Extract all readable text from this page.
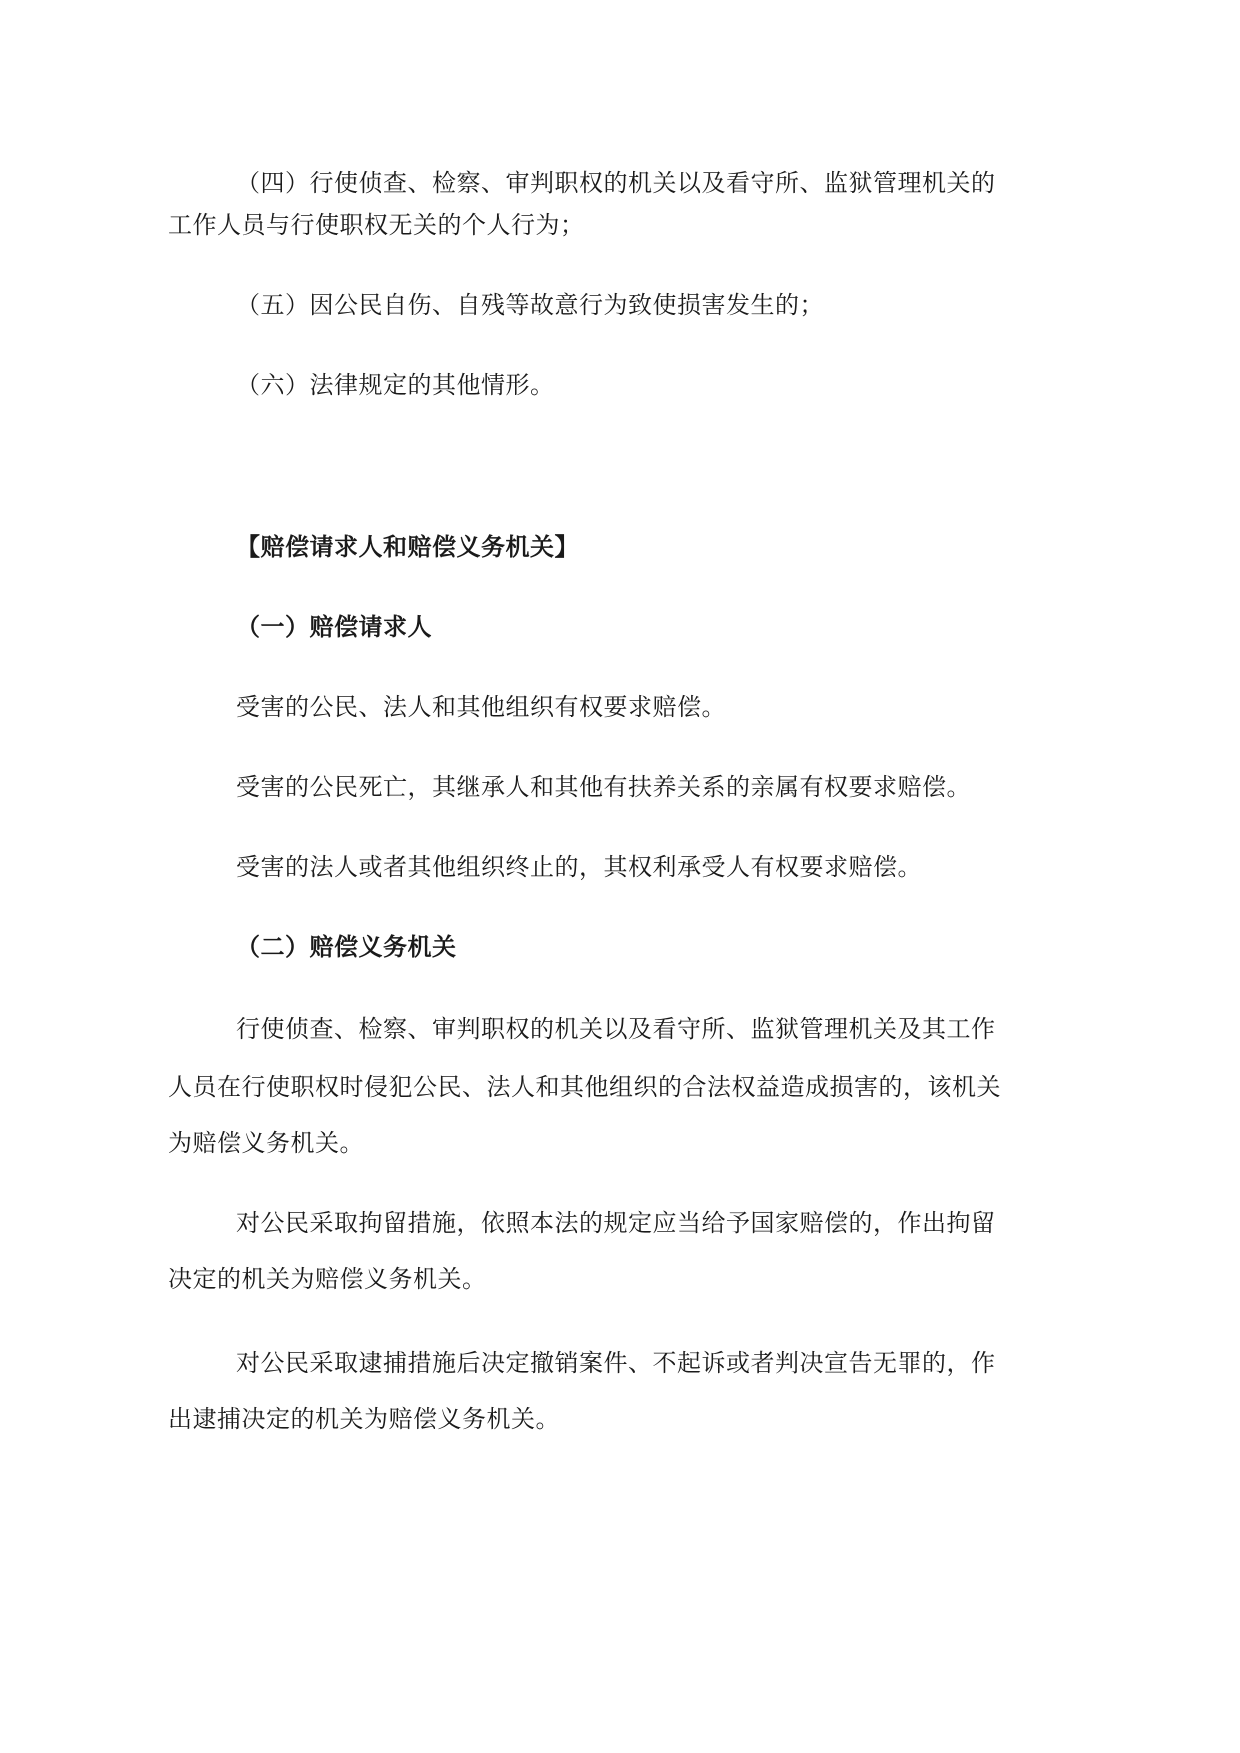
（四）行使侦查、检察、审判职权的机关以及看守所、监狱管理机关的
工作人员与行使职权无关的个人行为；
（五）因公民自伤、自残等故意行为致使损害发生的；
（六）法律规定的其他情形。
【赔偿请求人和赔偿义务机关】
（一）赔偿请求人
受害的公民、法人和其他组织有权要求赔偿。
受害的公民死亡，其继承人和其他有扶养关系的亲属有权要求赔偿。
受害的法人或者其他组织终止的，其权利承受人有权要求赔偿。
（二）赔偿义务机关
行使侦查、检察、审判职权的机关以及看守所、监狱管理机关及其工作
人员在行使职权时侵犯公民、法人和其他组织的合法权益造成损害的，该机关
为赔偿义务机关。
对公民采取拘留措施，依照本法的规定应当给予国家赔偿的，作出拘留
决定的机关为赔偿义务机关。
对公民采取逮捕措施后决定撤销案件、不起诉或者判决宣告无罪的，作
出逮捕决定的机关为赔偿义务机关。
